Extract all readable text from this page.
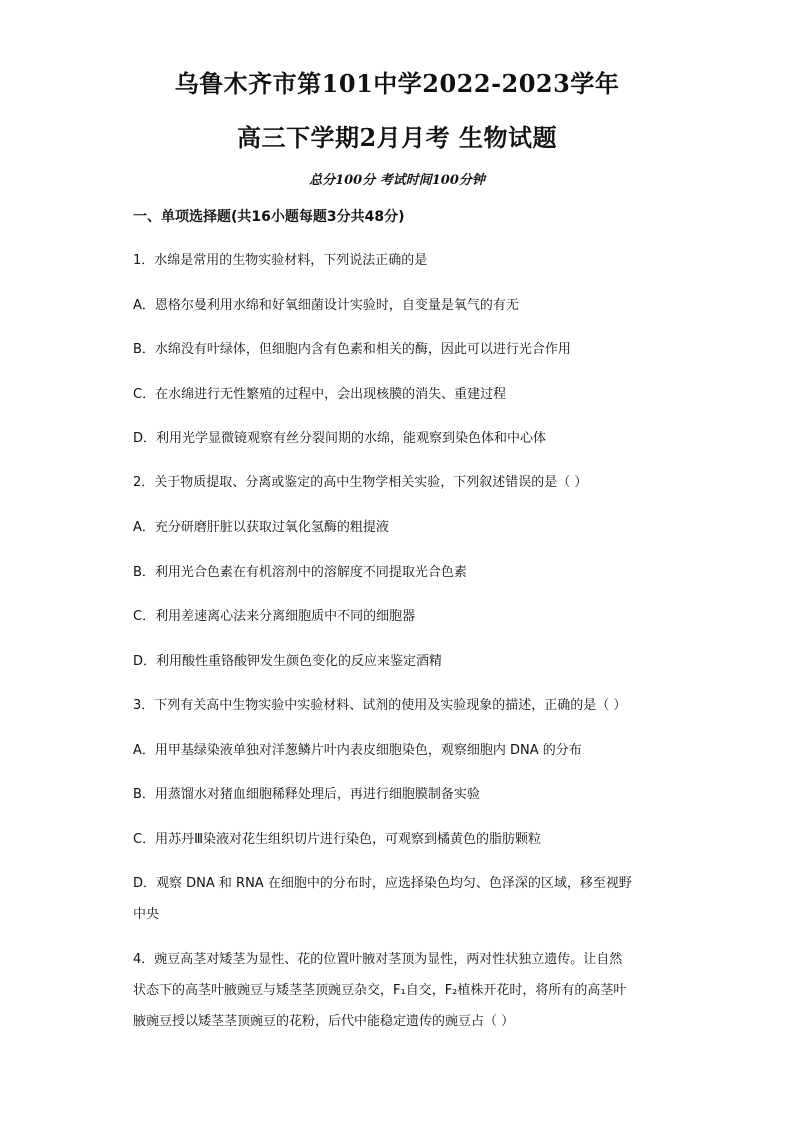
乌鲁木齐市第101中学2022-2023学年
高三下学期2月月考 生物试题
总分100分 考试时间100分钟
一、单项选择题(共16小题每题3分共48分)
1．水绵是常用的生物实验材料，下列说法正确的是
A．恩格尔曼利用水绵和好氧细菌设计实验时，自变量是氧气的有无
B．水绵没有叶绿体，但细胞内含有色素和相关的酶，因此可以进行光合作用
C．在水绵进行无性繁殖的过程中，会出现核膜的消失、重建过程
D．利用光学显微镜观察有丝分裂间期的水绵，能观察到染色体和中心体
2．关于物质提取、分离或鉴定的高中生物学相关实验，下列叙述错误的是（ ）
A．充分研磨肝脏以获取过氧化氢酶的粗提液
B．利用光合色素在有机溶剂中的溶解度不同提取光合色素
C．利用差速离心法来分离细胞质中不同的细胞器
D．利用酸性重铬酸钾发生颜色变化的反应来鉴定酒精
3．下列有关高中生物实验中实验材料、试剂的使用及实验现象的描述，正确的是（ ）
A．用甲基绿染液单独对洋葱鳞片叶内表皮细胞染色，观察细胞内 DNA 的分布
B．用蒸馏水对猪血细胞稀释处理后，再进行细胞膜制备实验
C．用苏丹Ⅲ染液对花生组织切片进行染色，可观察到橘黄色的脂肪颗粒
D．观察 DNA 和 RNA 在细胞中的分布时，应选择染色均匀、色泽深的区域，移至视野
中央
4．豌豆高茎对矮茎为显性、花的位置叶腋对茎顶为显性，两对性状独立遗传。让自然
状态下的高茎叶腋豌豆与矮茎茎顶豌豆杂交，F₁自交，F₂植株开花时，将所有的高茎叶
腋豌豆授以矮茎茎顶豌豆的花粉，后代中能稳定遗传的豌豆占（ ）
